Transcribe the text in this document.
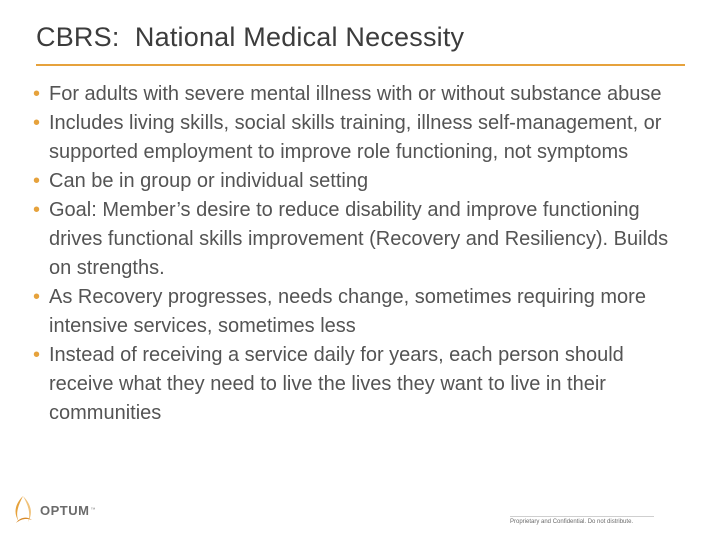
CBRS:  National Medical Necessity
• For adults with severe mental illness with or without substance abuse
• Includes living skills, social skills training, illness self-management, or supported employment to improve role functioning, not symptoms
• Can be in group or individual setting
• Goal: Member’s desire to reduce disability and improve functioning drives functional skills improvement (Recovery and Resiliency). Builds on strengths.
• As Recovery progresses, needs change, sometimes requiring more intensive services, sometimes less
• Instead of receiving a service daily for years, each person should receive what they need to live the lives they want to live in their communities
OPTUM ™
Proprietary and Confidential. Do not distribute.
